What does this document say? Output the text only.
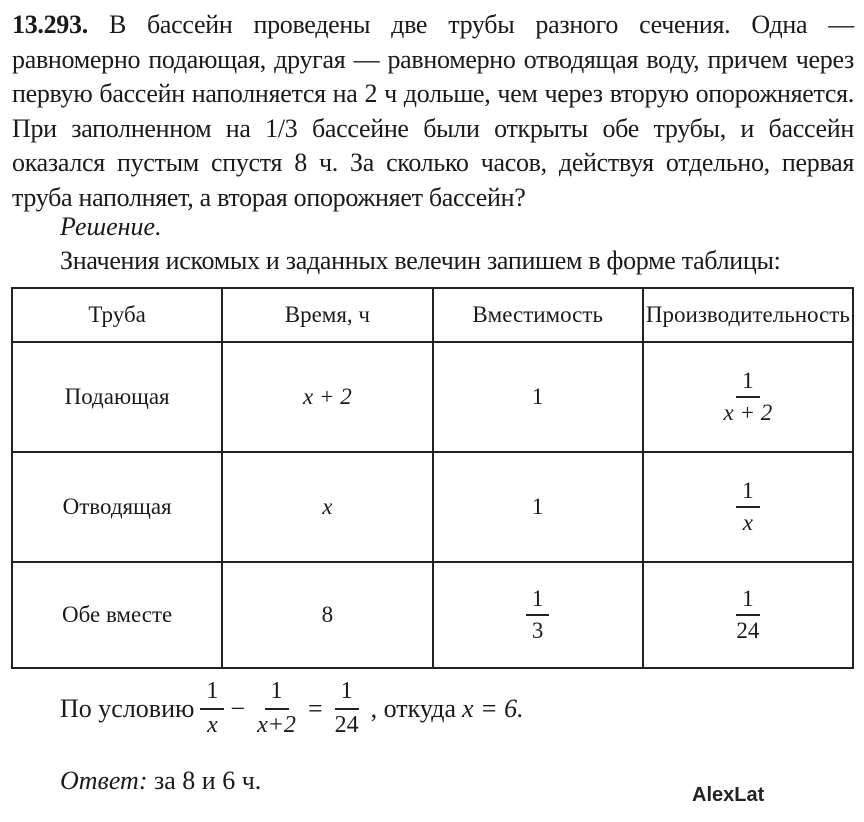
13.293. В бассейн проведены две трубы разного сечения. Одна — равномерно подающая, другая — равномерно отводящая воду, причем через первую бассейн наполняется на 2 ч дольше, чем через вторую опорожняется. При заполненном на 1/3 бассейне были открыты обе трубы, и бассейн оказался пустым спустя 8 ч. За сколько часов, действуя отдельно, первая труба наполняет, а вторая опорожняет бассейн?
Решение.
Значения искомых и заданных велечин запишем в форме таблицы:
Труба	Время, ч	Вместимость	Производительность
Подающая	x + 2	1	$\frac{1}{x + 2}$

Отводящая	x	1	$\frac{1}{x}$

Обе вместе	8	$\frac{1}{3}$	$\frac{1}{24}$
По условию $\frac{1}{x} - \frac{1}{x+2} = \frac{1}{24}$ , откуда x = 6.
Ответ: за 8 и 6 ч.	AlexLat
